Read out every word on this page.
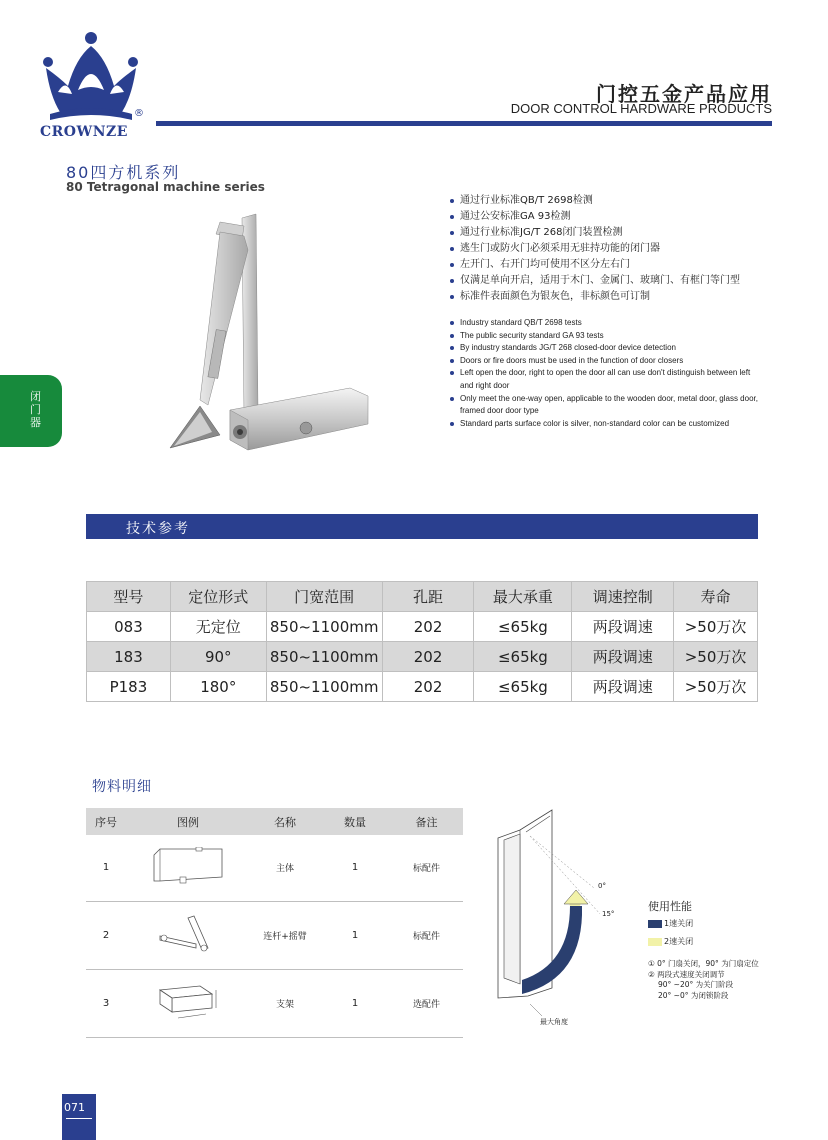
CROWNZE
®
门控五金产品应用
DOOR CONTROL HARDWARE PRODUCTS
80四方机系列
80 Tetragonal machine series
闭门器
通过行业标准QB/T 2698检测
通过公安标准GA 93检测
通过行业标准JG/T 268闭门装置检测
逃生门或防火门必须采用无驻持功能的闭门器
左开门、右开门均可使用不区分左右门
仅满足单向开启，适用于木门、金属门、玻璃门、有框门等门型
标准件表面颜色为银灰色，非标颜色可订制
Industry standard QB/T 2698 tests
The public security standard GA 93 tests
By industry standards JG/T 268 closed-door device detection
Doors or fire doors must be used in the function of door closers
Left open the door, right to open the door all can use don't distinguish between left and right door
Only meet the one-way open, applicable to the wooden door, metal door, glass door, framed door door type
Standard parts surface color is silver, non-standard color can be customized
技术参考
型号	定位形式	门宽范围	孔距	最大承重	调速控制	寿命
083	无定位	850~1100mm	202	≤65kg	两段调速	>50万次
183	90°	850~1100mm	202	≤65kg	两段调速	>50万次
P183	180°	850~1100mm	202	≤65kg	两段调速	>50万次
物料明细
序号	图例	名称	数量	备注
1		主体	1	标配件
2		连杆+摇臂	1	标配件
3		支架	1	选配件
0°
15°
最大角度
使用性能
1速关闭
2速关闭
① 0° 门扇关闭，90° 为门扇定位
② 两段式速度关闭调节
90° ~20° 为关门阶段
20° ~0° 为闭锁阶段
071
